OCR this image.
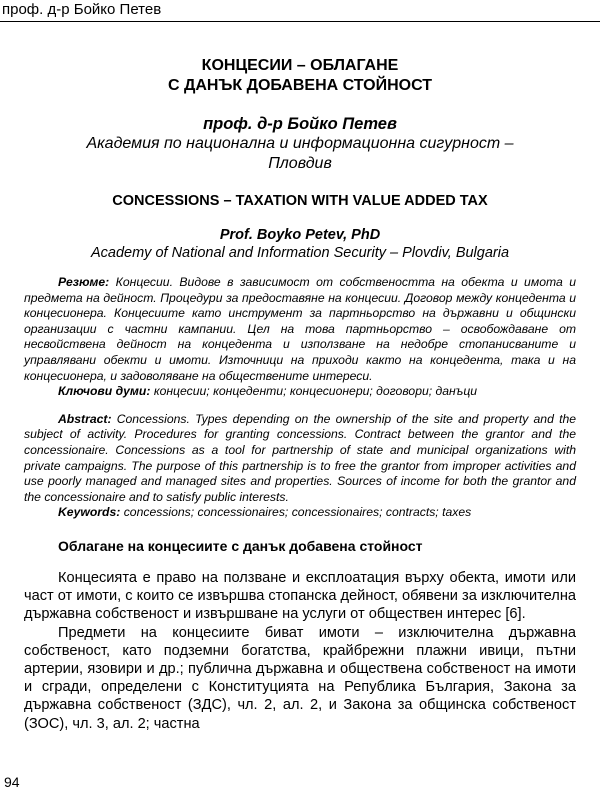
проф. д-р Бойко Петев

КОНЦЕСИИ – ОБЛАГАНЕ

С ДАНЪК ДОБАВЕНА СТОЙНОСТ

проф. д-р Бойко Петев

Академия по национална и информационна сигурност –

Пловдив

CONCESSIONS – TAXATION WITH VALUE ADDED TAX

Prof. Boyko Petev, PhD

Academy of National and Information Security – Plovdiv, Bulgaria

Резюме: Концесии. Видове в зависимост от собствеността на обекта и имота и предмета на дейност. Процедури за предоставяне на концесии. Договор между концедента и концесионера. Концесиите като инструмент за партньорство на държавни и общински организации с частни кампании. Цел на това партньорство – освобождаване от несвойствена дейност на концедента и използване на недобре стопанисваните и управлявани обекти и имоти. Източници на приходи както на концедента, така и на концесионера, и задоволяване на обществените интереси.

Ключови думи: концесии; концеденти; концесионери; договори; данъци

Abstract: Concessions. Types depending on the ownership of the site and property and the subject of activity. Procedures for granting concessions. Contract between the grantor and the concessionaire. Concessions as a tool for partnership of state and municipal organizations with private campaigns. The purpose of this partnership is to free the grantor from improper activities and use poorly managed and managed sites and properties. Sources of income for both the grantor and the concessionaire and to satisfy public interests.

Keywords: concessions; concessionaires; concessionaires; contracts; taxes

Облагане на концесиите с данък добавена стойност

Концесията е право на ползване и експлоатация върху обекта, имоти или част от имоти, с които се извършва стопанска дейност, обявени за изключителна държавна собственост и извършване на услуги от обществен интерес [6].

Предмети на концесиите биват имоти – изключителна държавна собственост, като подземни богатства, крайбрежни плажни ивици, пътни артерии, язовири и др.; публична държавна и обществена собственост на имоти и сгради, определени с Конституцията на Република България, Закона за държавна собственост (ЗДС), чл. 2, ал. 2, и Закона за общинска собственост (ЗОС), чл. 3, ал. 2; частна

94
